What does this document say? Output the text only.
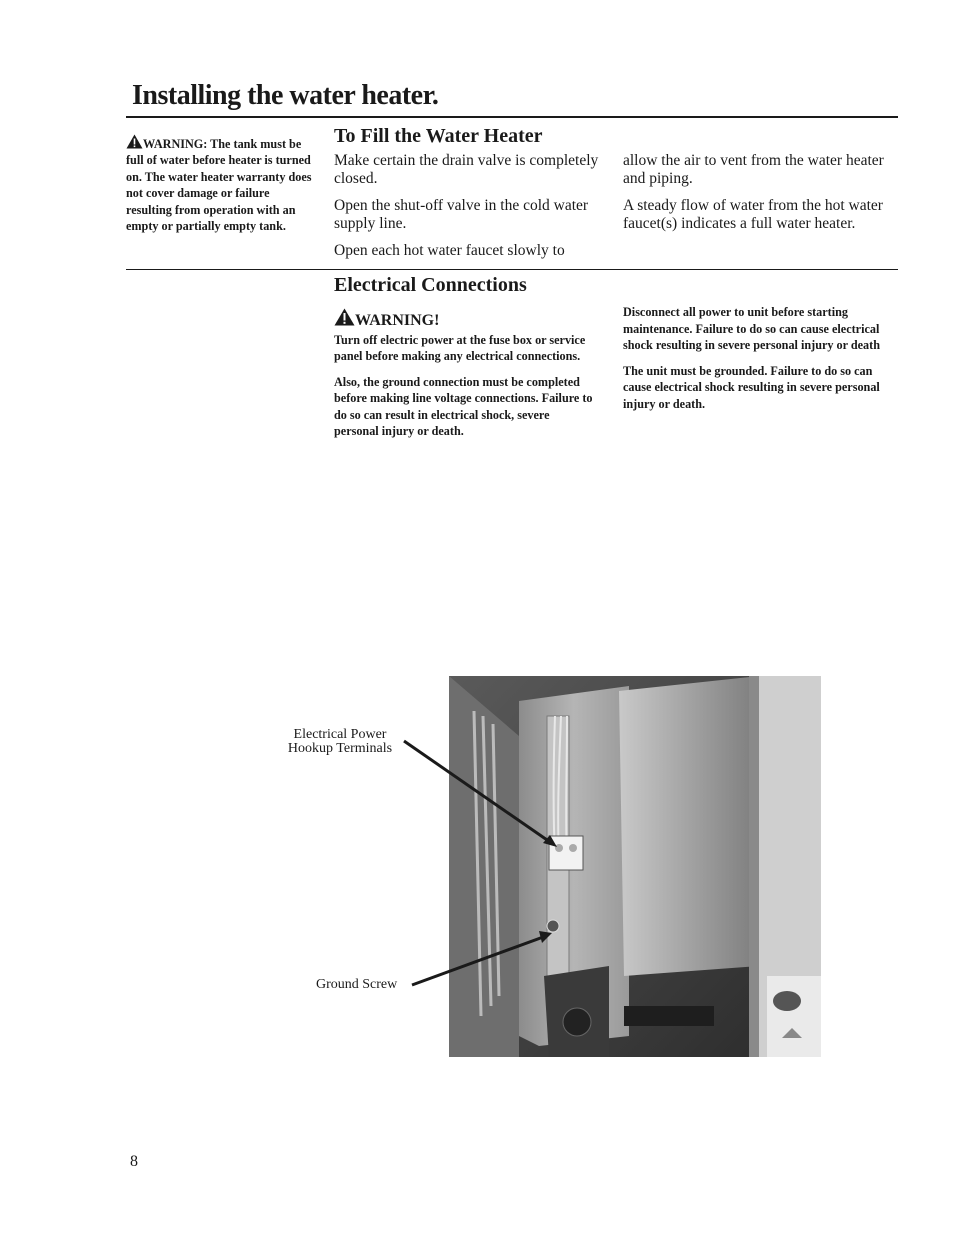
Installing the water heater.
WARNING: The tank must be full of water before heater is turned on. The water heater warranty does not cover damage or failure resulting from operation with an empty or partially empty tank.
To Fill the Water Heater

Make certain the drain valve is completely closed.

Open the shut-off valve in the cold water supply line.

Open each hot water faucet slowly to

allow the air to vent from the water heater and piping.

A steady flow of water from the hot water faucet(s) indicates a full water heater.

Electrical Connections
WARNING!

Turn off electric power at the fuse box or service panel before making any electrical connections.

Also, the ground connection must be completed before making line voltage connections. Failure to do so can result in electrical shock, severe personal injury or death.

Disconnect all power to unit before starting maintenance. Failure to do so can cause electrical shock resulting in severe personal injury or death

The unit must be grounded. Failure to do so can cause electrical shock resulting in severe personal injury or death.

Electrical Power Hookup Terminals
Ground Screw
8
